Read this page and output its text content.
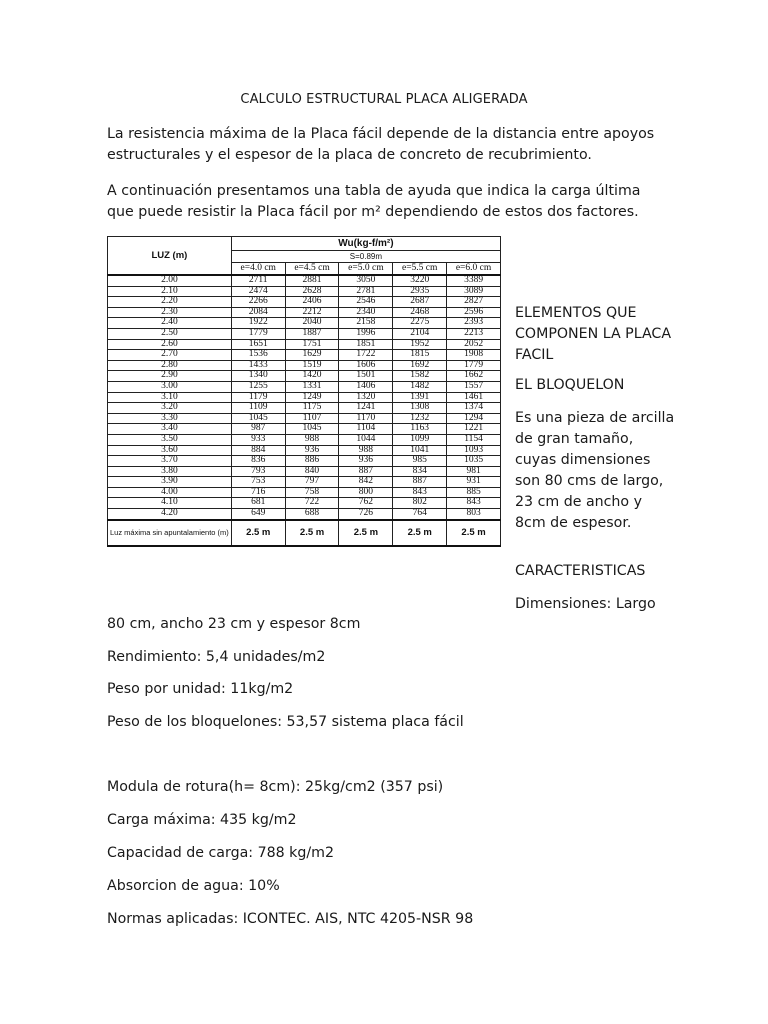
CALCULO ESTRUCTURAL PLACA ALIGERADA

La resistencia máxima de la Placa fácil depende de la distancia entre apoyos estructurales y el espesor de la placa de concreto de recubrimiento.

A continuación presentamos una tabla de ayuda que indica la carga última que puede resistir la Placa fácil por m² dependiendo de estos dos factores.

LUZ (m)	Wu(kg-f/m²)				
	S=0.89m				
	e=4.0 cm	e=4.5 cm	e=5.0 cm	e=5.5 cm	e=6.0 cm
2.00	2711	2881	3050	3220	3389
2.10	2474	2628	2781	2935	3089
2.20	2266	2406	2546	2687	2827
2.30	2084	2212	2340	2468	2596
2.40	1922	2040	2158	2275	2393
2.50	1779	1887	1996	2104	2213
2.60	1651	1751	1851	1952	2052
2.70	1536	1629	1722	1815	1908
2.80	1433	1519	1606	1692	1779
2.90	1340	1420	1501	1582	1662
3.00	1255	1331	1406	1482	1557
3.10	1179	1249	1320	1391	1461
3.20	1109	1175	1241	1308	1374
3.30	1045	1107	1170	1232	1294
3.40	987	1045	1104	1163	1221
3.50	933	988	1044	1099	1154
3.60	884	936	988	1041	1093
3.70	836	886	936	985	1035
3.80	793	840	887	834	981
3.90	753	797	842	887	931
4.00	716	758	800	843	885
4.10	681	722	762	802	843
4.20	649	688	726	764	803
Luz máxima sin apuntalamiento (m)	2.5 m	2.5 m	2.5 m	2.5 m	2.5 m

ELEMENTOS QUE COMPONEN LA PLACA FACIL

EL BLOQUELON

Es una pieza de arcilla de gran tamaño, cuyas dimensiones son 80 cms de largo, 23 cm de ancho y 8cm de espesor.

CARACTERISTICAS

Dimensiones: Largo

80 cm, ancho 23 cm y espesor 8cm

Rendimiento: 5,4 unidades/m2

Peso por unidad: 11kg/m2

Peso de los bloquelones: 53,57 sistema placa fácil

Modula de rotura(h= 8cm): 25kg/cm2 (357 psi)

Carga máxima: 435 kg/m2

Capacidad de carga: 788 kg/m2

Absorcion de agua: 10%

Normas aplicadas: ICONTEC. AIS, NTC 4205-NSR 98
